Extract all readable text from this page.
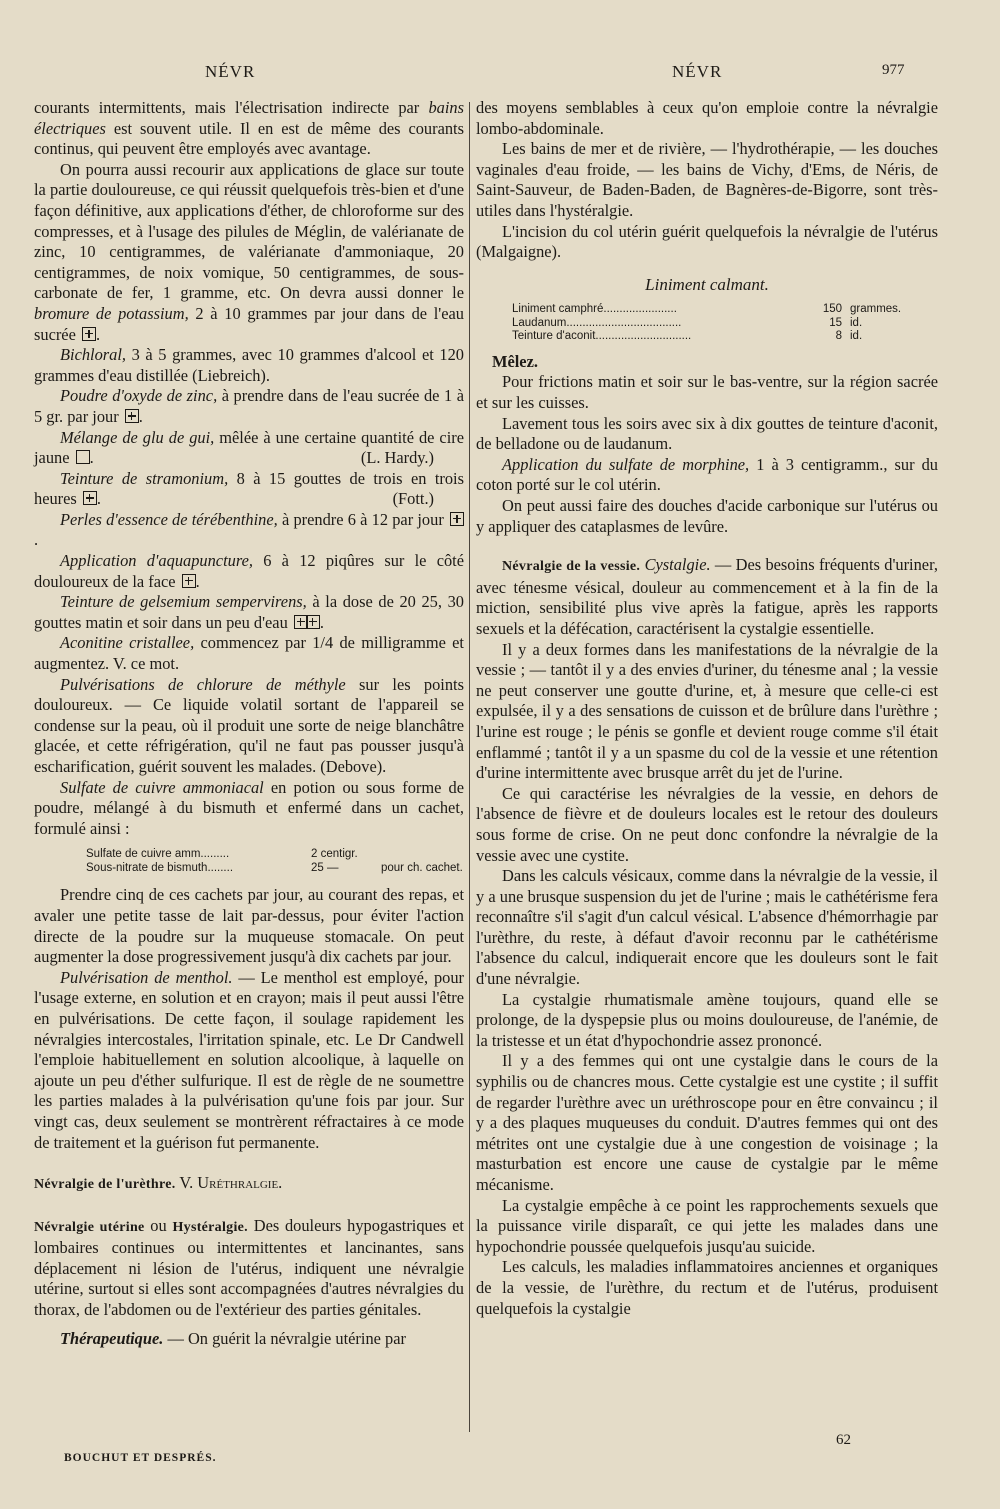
NÉVR	NÉVR	977

courants intermittents, mais l'électrisation indirecte par bains électriques est souvent utile. Il en est de même des courants continus, qui peuvent être employés avec avantage.

On pourra aussi recourir aux applications de glace sur toute la partie douloureuse, ce qui réussit quelquefois très-bien et d'une façon définitive, aux applications d'éther, de chloroforme sur des compresses, et à l'usage des pilules de Méglin, de valérianate de zinc, 10 centigrammes, de valérianate d'ammoniaque, 20 centigrammes, de noix vomique, 50 centigrammes, de sous-carbonate de fer, 1 gramme, etc. On devra aussi donner le bromure de potassium, 2 à 10 grammes par jour dans de l'eau sucrée .

Bichloral, 3 à 5 grammes, avec 10 grammes d'alcool et 120 grammes d'eau distillée (Liebreich).

Poudre d'oxyde de zinc, à prendre dans de l'eau sucrée de 1 à 5 gr. par jour .

Mélange de glu de gui, mêlée à une certaine quantité de cire jaune .	(L. Hardy.)

Teinture de stramonium, 8 à 15 gouttes de trois en trois heures .	(Fott.)

Perles d'essence de térébenthine, à prendre 6 à 12 par jour .

Application d'aquapuncture, 6 à 12 piqûres sur le côté douloureux de la face .

Teinture de gelsemium sempervirens, à la dose de 20 25, 30 gouttes matin et soir dans un peu d'eau .

Aconitine cristallee, commencez par 1/4 de milligramme et augmentez. V. ce mot.

Pulvérisations de chlorure de méthyle sur les points douloureux. — Ce liquide volatil sortant de l'appareil se condense sur la peau, où il produit une sorte de neige blanchâtre glacée, et cette réfrigération, qu'il ne faut pas pousser jusqu'à escharification, guérit souvent les malades. (Debove).

Sulfate de cuivre ammoniacal en potion ou sous forme de poudre, mélangé à du bismuth et enfermé dans un cachet, formulé ainsi :

Sulfate de cuivre amm.........	2 centigr.
Sous-nitrate de bismuth........	25 —	pour ch. cachet.

Prendre cinq de ces cachets par jour, au courant des repas, et avaler une petite tasse de lait par-dessus, pour éviter l'action directe de la poudre sur la muqueuse stomacale. On peut augmenter la dose progressivement jusqu'à dix cachets par jour.

Pulvérisation de menthol. — Le menthol est employé, pour l'usage externe, en solution et en crayon; mais il peut aussi l'être en pulvérisations. De cette façon, il soulage rapidement les névralgies intercostales, l'irritation spinale, etc. Le Dr Candwell l'emploie habituellement en solution alcoolique, à laquelle on ajoute un peu d'éther sulfurique. Il est de règle de ne soumettre les parties malades à la pulvérisation qu'une fois par jour. Sur vingt cas, deux seulement se montrèrent réfractaires à ce mode de traitement et la guérison fut permanente.

Névralgie de l'urèthre. V. Uréthralgie.

Névralgie utérine ou Hystéralgie. Des douleurs hypogastriques et lombaires continues ou intermittentes et lancinantes, sans déplacement ni lésion de l'utérus, indiquent une névralgie utérine, surtout si elles sont accompagnées d'autres névralgies du thorax, de l'abdomen ou de l'extérieur des parties génitales.

Thérapeutique. — On guérit la névralgie utérine par

des moyens semblables à ceux qu'on emploie contre la névralgie lombo-abdominale.

Les bains de mer et de rivière, — l'hydrothérapie, — les douches vaginales d'eau froide, — les bains de Vichy, d'Ems, de Néris, de Saint-Sauveur, de Baden-Baden, de Bagnères-de-Bigorre, sont très-utiles dans l'hystéralgie.

L'incision du col utérin guérit quelquefois la névralgie de l'utérus (Malgaigne).

Liniment calmant.
Liniment camphré.......................	150 grammes.
Laudanum....................................	15 id.
Teinture d'aconit..............................	8 id.

Mêlez.

Pour frictions matin et soir sur le bas-ventre, sur la région sacrée et sur les cuisses.

Lavement tous les soirs avec six à dix gouttes de teinture d'aconit, de belladone ou de laudanum.

Application du sulfate de morphine, 1 à 3 centigramm., sur du coton porté sur le col utérin.

On peut aussi faire des douches d'acide carbonique sur l'utérus ou y appliquer des cataplasmes de levûre.

Névralgie de la vessie. Cystalgie. — Des besoins fréquents d'uriner, avec ténesme vésical, douleur au commencement et à la fin de la miction, sensibilité plus vive après la fatigue, après les rapports sexuels et la défécation, caractérisent la cystalgie essentielle.

Il y a deux formes dans les manifestations de la névralgie de la vessie ; — tantôt il y a des envies d'uriner, du ténesme anal ; la vessie ne peut conserver une goutte d'urine, et, à mesure que celle-ci est expulsée, il y a des sensations de cuisson et de brûlure dans l'urèthre ; l'urine est rouge ; le pénis se gonfle et devient rouge comme s'il était enflammé ; tantôt il y a un spasme du col de la vessie et une rétention d'urine intermittente avec brusque arrêt du jet de l'urine.

Ce qui caractérise les névralgies de la vessie, en dehors de l'absence de fièvre et de douleurs locales est le retour des douleurs sous forme de crise. On ne peut donc confondre la névralgie de la vessie avec une cystite.

Dans les calculs vésicaux, comme dans la névralgie de la vessie, il y a une brusque suspension du jet de l'urine ; mais le cathétérisme fera reconnaître s'il s'agit d'un calcul vésical. L'absence d'hémorrhagie par l'urèthre, du reste, à défaut d'avoir reconnu par le cathétérisme l'absence du calcul, indiquerait encore que les douleurs sont le fait d'une névralgie.

La cystalgie rhumatismale amène toujours, quand elle se prolonge, de la dyspepsie plus ou moins douloureuse, de l'anémie, de la tristesse et un état d'hypochondrie assez prononcé.

Il y a des femmes qui ont une cystalgie dans le cours de la syphilis ou de chancres mous. Cette cystalgie est une cystite ; il suffit de regarder l'urèthre avec un uréthroscope pour en être convaincu ; il y a des plaques muqueuses du conduit. D'autres femmes qui ont des métrites ont une cystalgie due à une congestion de voisinage ; la masturbation est encore une cause de cystalgie par le même mécanisme.

La cystalgie empêche à ce point les rapprochements sexuels que la puissance virile disparaît, ce qui jette les malades dans une hypochondrie poussée quelquefois jusqu'au suicide.

Les calculs, les maladies inflammatoires anciennes et organiques de la vessie, de l'urèthre, du rectum et de l'utérus, produisent quelquefois la cystalgie

BOUCHUT ET DESPRÉS.
62
